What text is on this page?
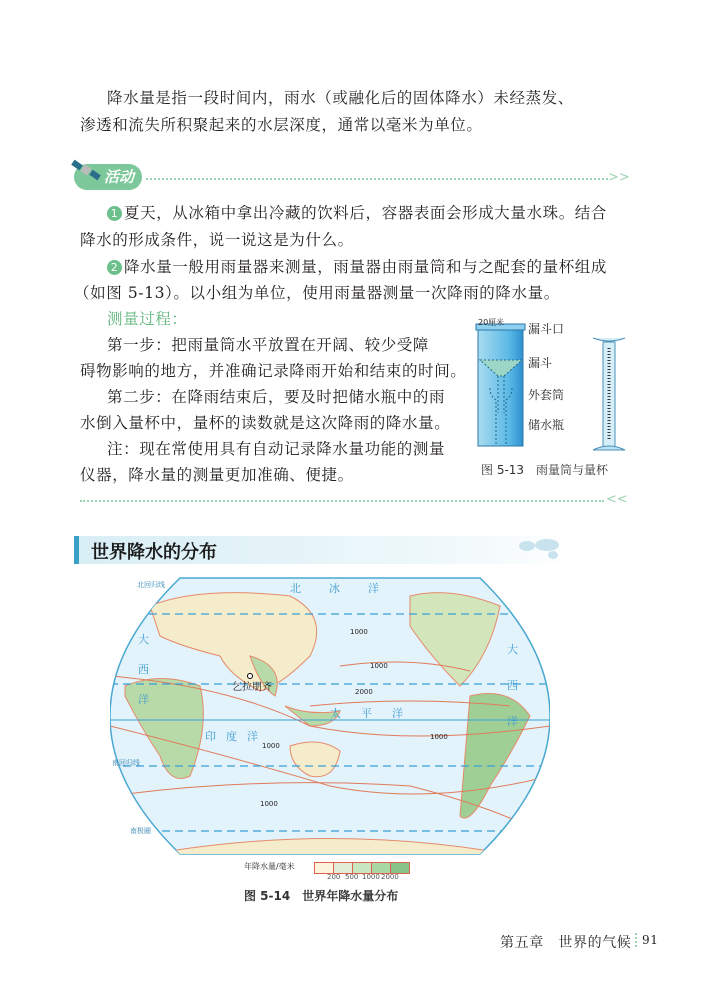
降水量是指一段时间内，雨水（或融化后的固体降水）未经蒸发、
渗透和流失所积聚起来的水层深度，通常以毫米为单位。
活动	>>
1 夏天，从冰箱中拿出冷藏的饮料后，容器表面会形成大量水珠。结合
降水的形成条件，说一说这是为什么。
2 降水量一般用雨量器来测量，雨量器由雨量筒和与之配套的量杯组成
（如图 5-13）。以小组为单位，使用雨量器测量一次降雨的降水量。
测量过程：
第一步：把雨量筒水平放置在开阔、较少受障
碍物影响的地方，并准确记录降雨开始和结束的时间。
第二步：在降雨结束后，要及时把储水瓶中的雨
水倒入量杯中，量杯的读数就是这次降雨的降水量。
注：现在常使用具有自动记录降水量功能的测量
仪器，降水量的测量更加准确、便捷。
20厘米 漏斗口
漏斗
外套筒
储水瓶
图 5-13　雨量筒与量杯
<<
世界降水的分布
北冰洋
太平洋
印度洋
大 西 洋
大 西 洋
乞拉朋齐
北回归线
南回归线
南极圈
1000
1000
2000
1000
1000
1000
年降水量/毫米
200 500 1000 2000
图 5-14　世界年降水量分布
第五章　世界的气候 91
